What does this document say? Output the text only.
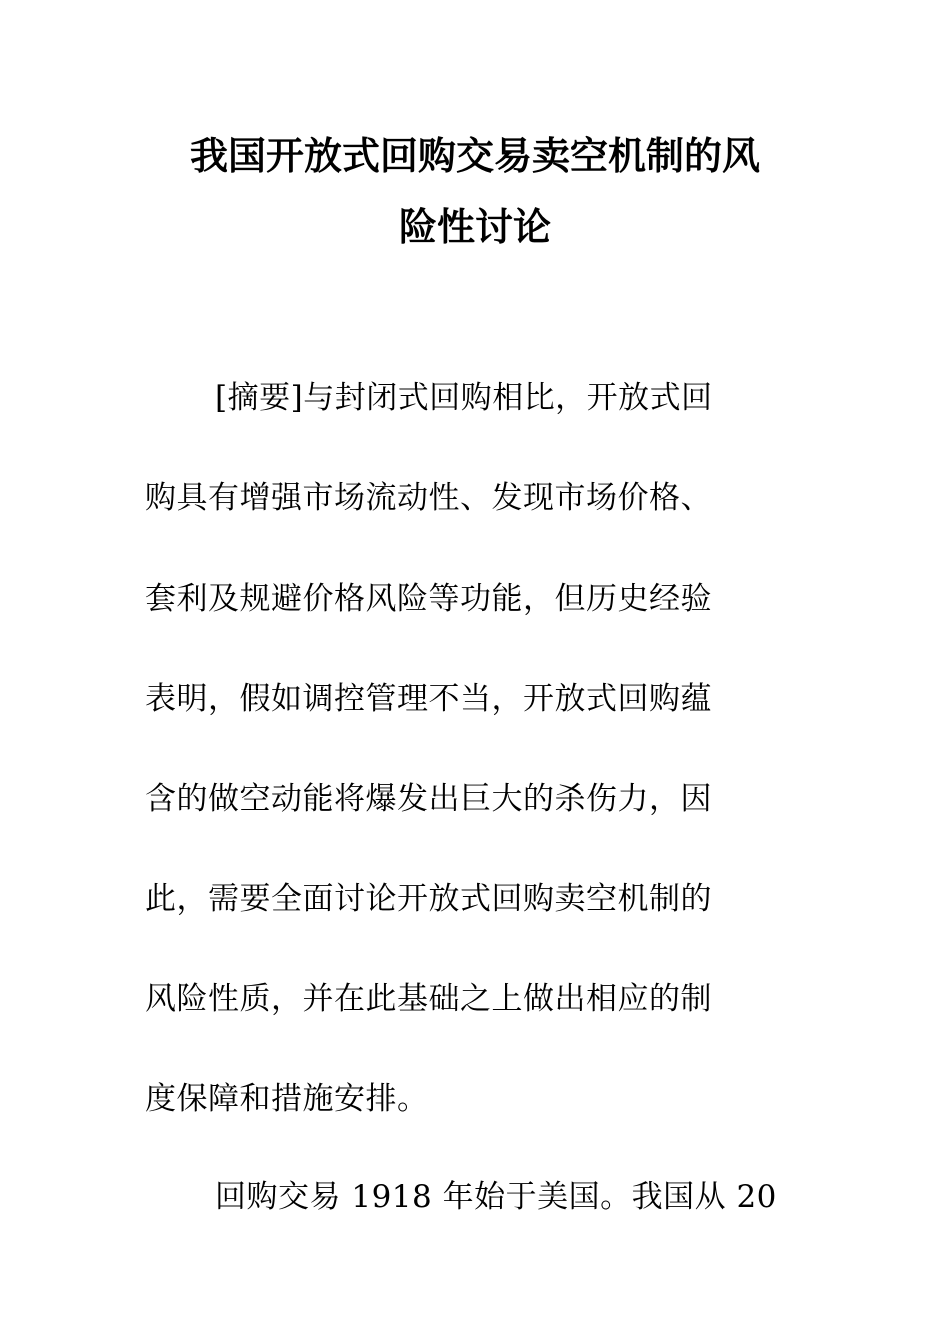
我国开放式回购交易卖空机制的风
险性讨论
[摘要]与封闭式回购相比，开放式回
购具有增强市场流动性、发现市场价格、
套利及规避价格风险等功能，但历史经验
表明，假如调控管理不当，开放式回购蕴
含的做空动能将爆发出巨大的杀伤力，因
此，需要全面讨论开放式回购卖空机制的
风险性质，并在此基础之上做出相应的制
度保障和措施安排。
回购交易 1918 年始于美国。我国从 20
